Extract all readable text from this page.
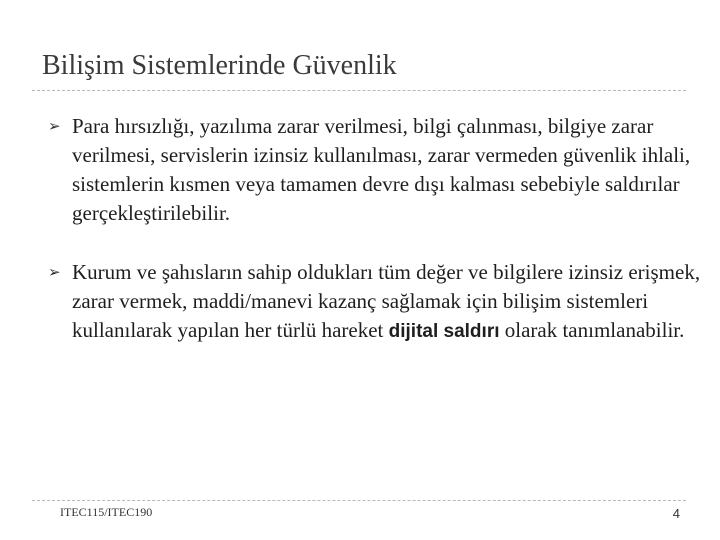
Bilişim Sistemlerinde Güvenlik
➢ Para hırsızlığı, yazılıma zarar verilmesi, bilgi çalınması, bilgiye zarar verilmesi, servislerin izinsiz kullanılması, zarar vermeden güvenlik ihlali, sistemlerin kısmen veya tamamen devre dışı kalması sebebiyle saldırılar gerçekleştirilebilir.
➢ Kurum ve şahısların sahip oldukları tüm değer ve bilgilere izinsiz erişmek, zarar vermek, maddi/manevi kazanç sağlamak için bilişim sistemleri kullanılarak yapılan her türlü hareket dijital saldırı olarak tanımlanabilir.
ITEC115/ITEC190	4
